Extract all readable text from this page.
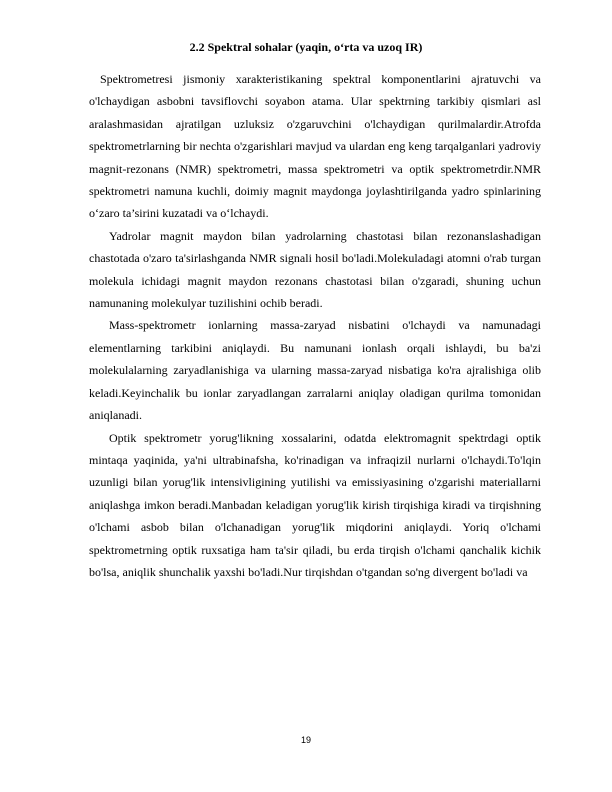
2.2 Spektral sohalar (yaqin, o‘rta va uzoq IR)

Spektrometresi jismoniy xarakteristikaning spektral komponentlarini ajratuvchi va o'lchaydigan asbobni tavsiflovchi soyabon atama. Ular spektrning tarkibiy qismlari asl aralashmasidan ajratilgan uzluksiz o'zgaruvchini o'lchaydigan qurilmalardir.Atrofda spektrometrlarning bir nechta o'zgarishlari mavjud va ulardan eng keng tarqalganlari yadroviy magnit-rezonans (NMR) spektrometri, massa spektrometri va optik spektrometrdir.NMR spektrometri namuna kuchli, doimiy magnit maydonga joylashtirilganda yadro spinlarining o‘zaro ta’sirini kuzatadi va o‘lchaydi.

Yadrolar magnit maydon bilan yadrolarning chastotasi bilan rezonanslashadigan chastotada o'zaro ta'sirlashganda NMR signali hosil bo'ladi.Molekuladagi atomni o'rab turgan molekula ichidagi magnit maydon rezonans chastotasi bilan o'zgaradi, shuning uchun namunaning molekulyar tuzilishini ochib beradi.

Mass-spektrometr ionlarning massa-zaryad nisbatini o'lchaydi va namunadagi elementlarning tarkibini aniqlaydi. Bu namunani ionlash orqali ishlaydi, bu ba'zi molekulalarning zaryadlanishiga va ularning massa-zaryad nisbatiga ko'ra ajralishiga olib keladi.Keyinchalik bu ionlar zaryadlangan zarralarni aniqlay oladigan qurilma tomonidan aniqlanadi.

Optik spektrometr yorug'likning xossalarini, odatda elektromagnit spektrdagi optik mintaqa yaqinida, ya'ni ultrabinafsha, ko'rinadigan va infraqizil nurlarni o'lchaydi.To'lqin uzunligi bilan yorug'lik intensivligining yutilishi va emissiyasining o'zgarishi materiallarni aniqlashga imkon beradi.Manbadan keladigan yorug'lik kirish tirqishiga kiradi va tirqishning o'lchami asbob bilan o'lchanadigan yorug'lik miqdorini aniqlaydi. Yoriq o'lchami spektrometrning optik ruxsatiga ham ta'sir qiladi, bu erda tirqish o'lchami qanchalik kichik bo'lsa, aniqlik shunchalik yaxshi bo'ladi.Nur tirqishdan o'tgandan so'ng divergent bo'ladi va

19
